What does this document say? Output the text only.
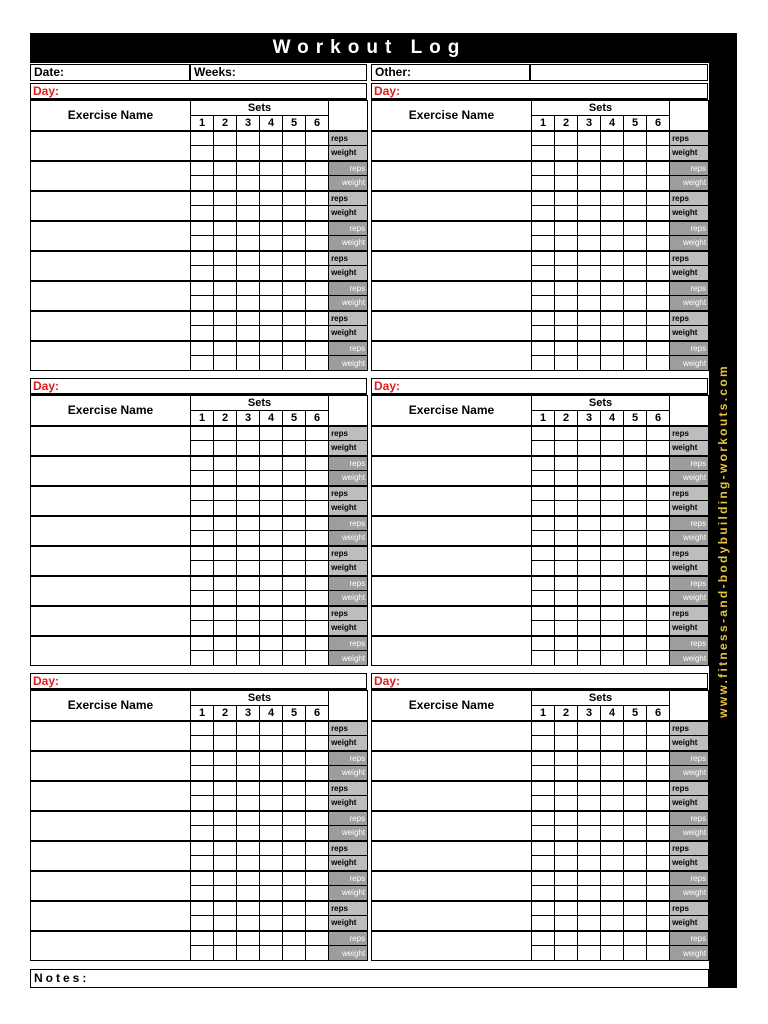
Workout Log
www.fitness-and-bodybuilding-workouts.com
Date:	Weeks:	Other:
Day:
Exercise Name	Sets						
	1	2	3	4	5	6	
							reps
							weight
							reps
							weight
							reps
							weight
							reps
							weight
							reps
							weight
							reps
							weight
							reps
							weight
							reps
							weight
Day:
Exercise Name	Sets						
	1	2	3	4	5	6	
							reps
							weight
							reps
							weight
							reps
							weight
							reps
							weight
							reps
							weight
							reps
							weight
							reps
							weight
							reps
							weight
Day:
Exercise Name	Sets						
	1	2	3	4	5	6	
							reps
							weight
							reps
							weight
							reps
							weight
							reps
							weight
							reps
							weight
							reps
							weight
							reps
							weight
							reps
							weight
Day:
Exercise Name	Sets						
	1	2	3	4	5	6	
							reps
							weight
							reps
							weight
							reps
							weight
							reps
							weight
							reps
							weight
							reps
							weight
							reps
							weight
							reps
							weight
Day:
Exercise Name	Sets						
	1	2	3	4	5	6	
							reps
							weight
							reps
							weight
							reps
							weight
							reps
							weight
							reps
							weight
							reps
							weight
							reps
							weight
							reps
							weight
Day:
Exercise Name	Sets						
	1	2	3	4	5	6	
							reps
							weight
							reps
							weight
							reps
							weight
							reps
							weight
							reps
							weight
							reps
							weight
							reps
							weight
							reps
							weight
Notes:
